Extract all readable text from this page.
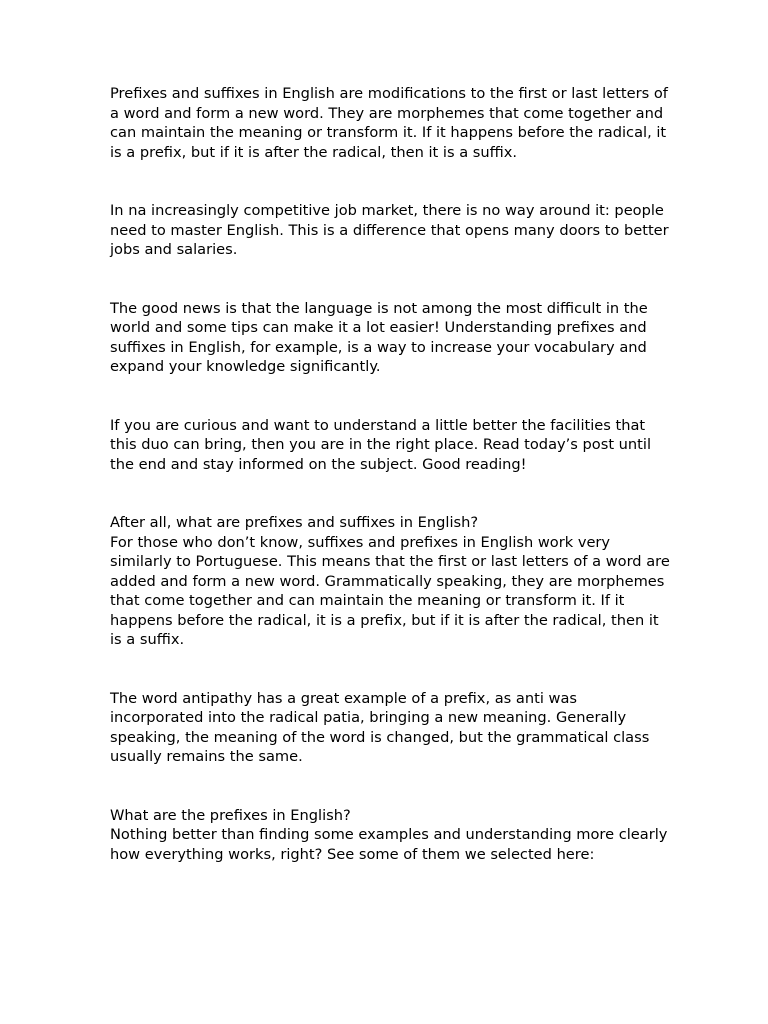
Prefixes and suffixes in English are modifications to the first or last letters of a word and form a new word. They are morphemes that come together and can maintain the meaning or transform it. If it happens before the radical, it is a prefix, but if it is after the radical, then it is a suffix.

In na increasingly competitive job market, there is no way around it: people need to master English. This is a difference that opens many doors to better jobs and salaries.

The good news is that the language is not among the most difficult in the world and some tips can make it a lot easier! Understanding prefixes and suffixes in English, for example, is a way to increase your vocabulary and expand your knowledge significantly.

If you are curious and want to understand a little better the facilities that this duo can bring, then you are in the right place. Read today’s post until the end and stay informed on the subject. Good reading!

After all, what are prefixes and suffixes in English?

For those who don’t know, suffixes and prefixes in English work very similarly to Portuguese. This means that the first or last letters of a word are added and form a new word. Grammatically speaking, they are morphemes that come together and can maintain the meaning or transform it. If it happens before the radical, it is a prefix, but if it is after the radical, then it is a suffix.

The word antipathy has a great example of a prefix, as anti was incorporated into the radical patia, bringing a new meaning. Generally speaking, the meaning of the word is changed, but the grammatical class usually remains the same.

What are the prefixes in English?

Nothing better than finding some examples and understanding more clearly how everything works, right? See some of them we selected here:
